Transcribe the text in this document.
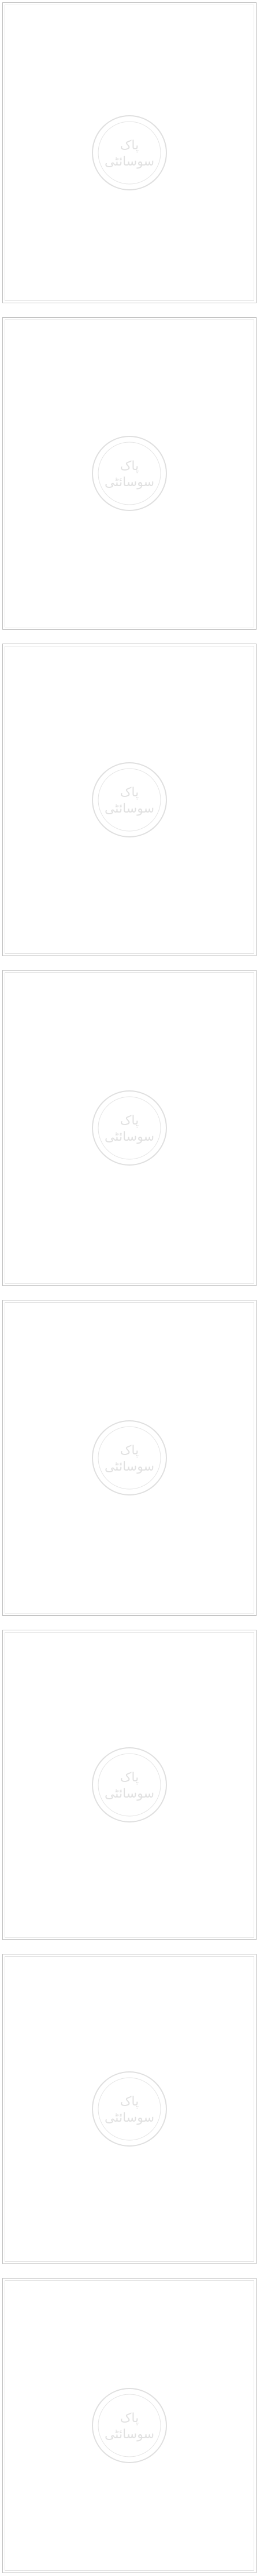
پاک
سوسائٹی

پاک
سوسائٹی

پاک
سوسائٹی

پاک
سوسائٹی

پاک
سوسائٹی

پاک
سوسائٹی

پاک
سوسائٹی

پاک
سوسائٹی
